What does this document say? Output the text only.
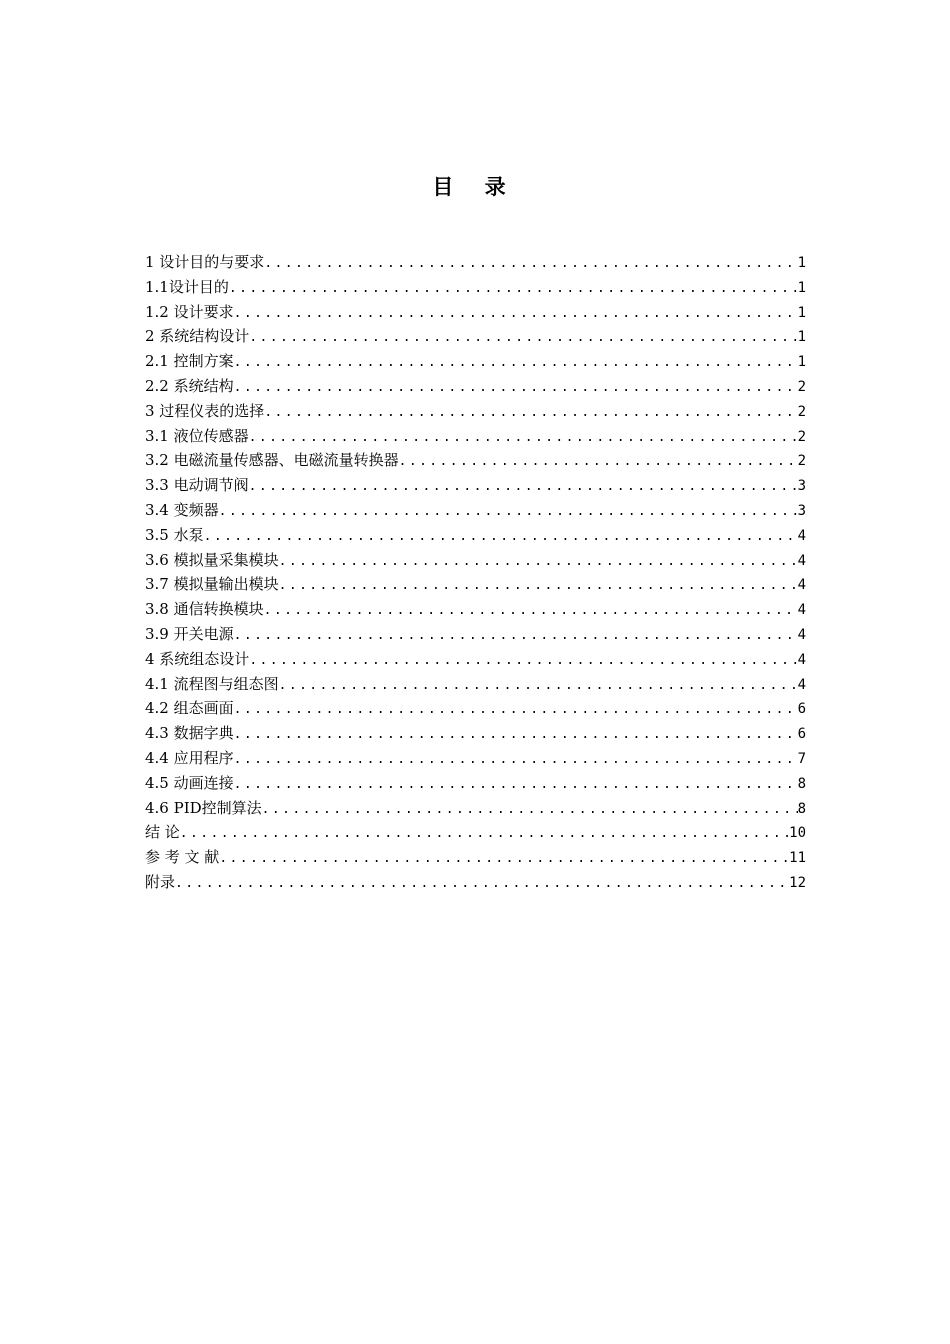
目 录
1 设计目的与要求 .....	1
1.1设计目的 .....	1
1.2 设计要求 .....	1
2 系统结构设计 .....	1
2.1 控制方案 .....	1
2.2 系统结构 .....	2
3 过程仪表的选择 .....	2
3.1 液位传感器 .....	2
3.2 电磁流量传感器、电磁流量转换器 .....	2
3.3 电动调节阀 .....	3
3.4 变频器 .....	3
3.5 水泵 .....	4
3.6 模拟量采集模块 .....	4
3.7 模拟量输出模块 .....	4
3.8 通信转换模块 .....	4
3.9 开关电源 .....	4
4 系统组态设计 .....	4
4.1 流程图与组态图 .....	4
4.2 组态画面 .....	6
4.3 数据字典 .....	6
4.4 应用程序 .....	7
4.5 动画连接 .....	8
4.6 PID控制算法 .....	8
结 论 .....	10
参 考 文 献 .....	11
附录 .....	12
